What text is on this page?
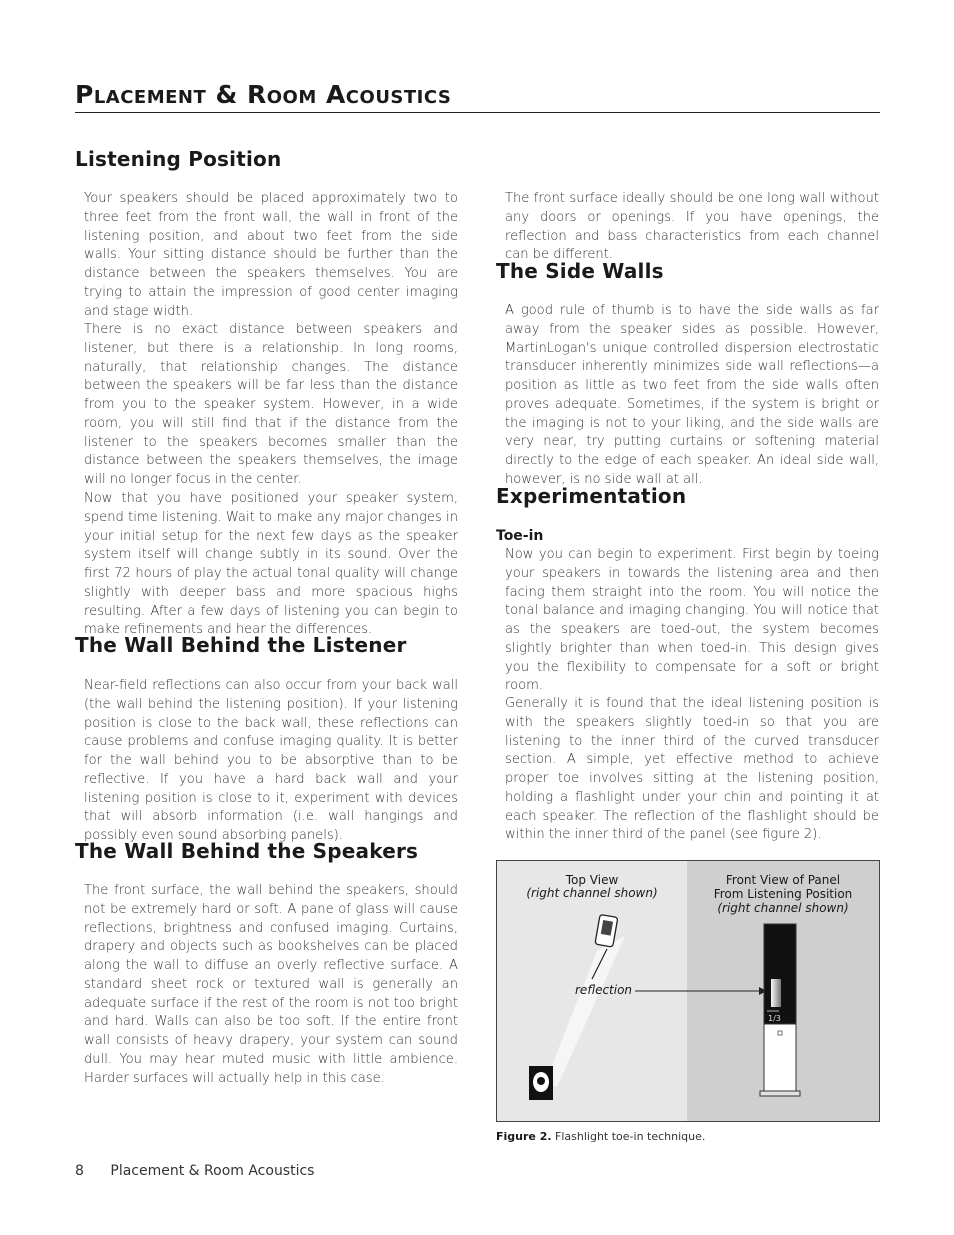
Placement & Room Acoustics
Listening Position

Your speakers should be placed approximately two to three feet from the front wall, the wall in front of the listening position, and about two feet from the side walls. Your sitting distance should be further than the distance between the speakers themselves. You are trying to attain the impression of good center imaging and stage width.

There is no exact distance between speakers and listener, but there is a relationship. In long rooms, naturally, that relationship changes. The distance between the speakers will be far less than the distance from you to the speaker system. However, in a wide room, you will still find that if the distance from the listener to the speakers becomes smaller than the distance between the speakers themselves, the image will no longer focus in the center.

Now that you have positioned your speaker system, spend time listening. Wait to make any major changes in your initial setup for the next few days as the speaker system itself will change subtly in its sound. Over the first 72 hours of play the actual tonal quality will change slightly with deeper bass and more spacious highs resulting. After a few days of listening you can begin to make refinements and hear the differences.

The Wall Behind the Listener

Near-field reflections can also occur from your back wall (the wall behind the listening position). If your listening position is close to the back wall, these reflections can cause problems and confuse imaging quality. It is better for the wall behind you to be absorptive than to be reflective. If you have a hard back wall and your listening position is close to it, experiment with devices that will absorb information (i.e. wall hangings and possibly even sound absorbing panels).

The Wall Behind the Speakers

The front surface, the wall behind the speakers, should not be extremely hard or soft. A pane of glass will cause reflections, brightness and confused imaging. Curtains, drapery and objects such as bookshelves can be placed along the wall to diffuse an overly reflective surface. A standard sheet rock or textured wall is generally an adequate surface if the rest of the room is not too bright and hard. Walls can also be too soft. If the entire front wall consists of heavy drapery, your system can sound dull. You may hear muted music with little ambience. Harder surfaces will actually help in this case.

The front surface ideally should be one long wall without any doors or openings. If you have openings, the reflection and bass characteristics from each channel can be different.

The Side Walls

A good rule of thumb is to have the side walls as far away from the speaker sides as possible. However, MartinLogan's unique controlled dispersion electrostatic transducer inherently minimizes side wall reflections—a position as little as two feet from the side walls often proves adequate. Sometimes, if the system is bright or the imaging is not to your liking, and the side walls are very near, try putting curtains or softening material directly to the edge of each speaker. An ideal side wall, however, is no side wall at all.

Experimentation
Toe-in

Now you can begin to experiment. First begin by toeing your speakers in towards the listening area and then facing them straight into the room. You will notice the tonal balance and imaging changing. You will notice that as the speakers are toed-out, the system becomes slightly brighter than when toed-in. This design gives you the flexibility to compensate for a soft or bright room.

Generally it is found that the ideal listening position is with the speakers slightly toed-in so that you are listening to the inner third of the curved transducer section. A simple, yet effective method to achieve proper toe involves sitting at the listening position, holding a flashlight under your chin and pointing it at each speaker. The reflection of the flashlight should be within the inner third of the panel (see figure 2).

Top View
(right channel shown)
Front View of Panel
From Listening Position
(right channel shown)
1/3
reflection
Figure 2. Flashlight toe-in technique.
8 Placement & Room Acoustics
